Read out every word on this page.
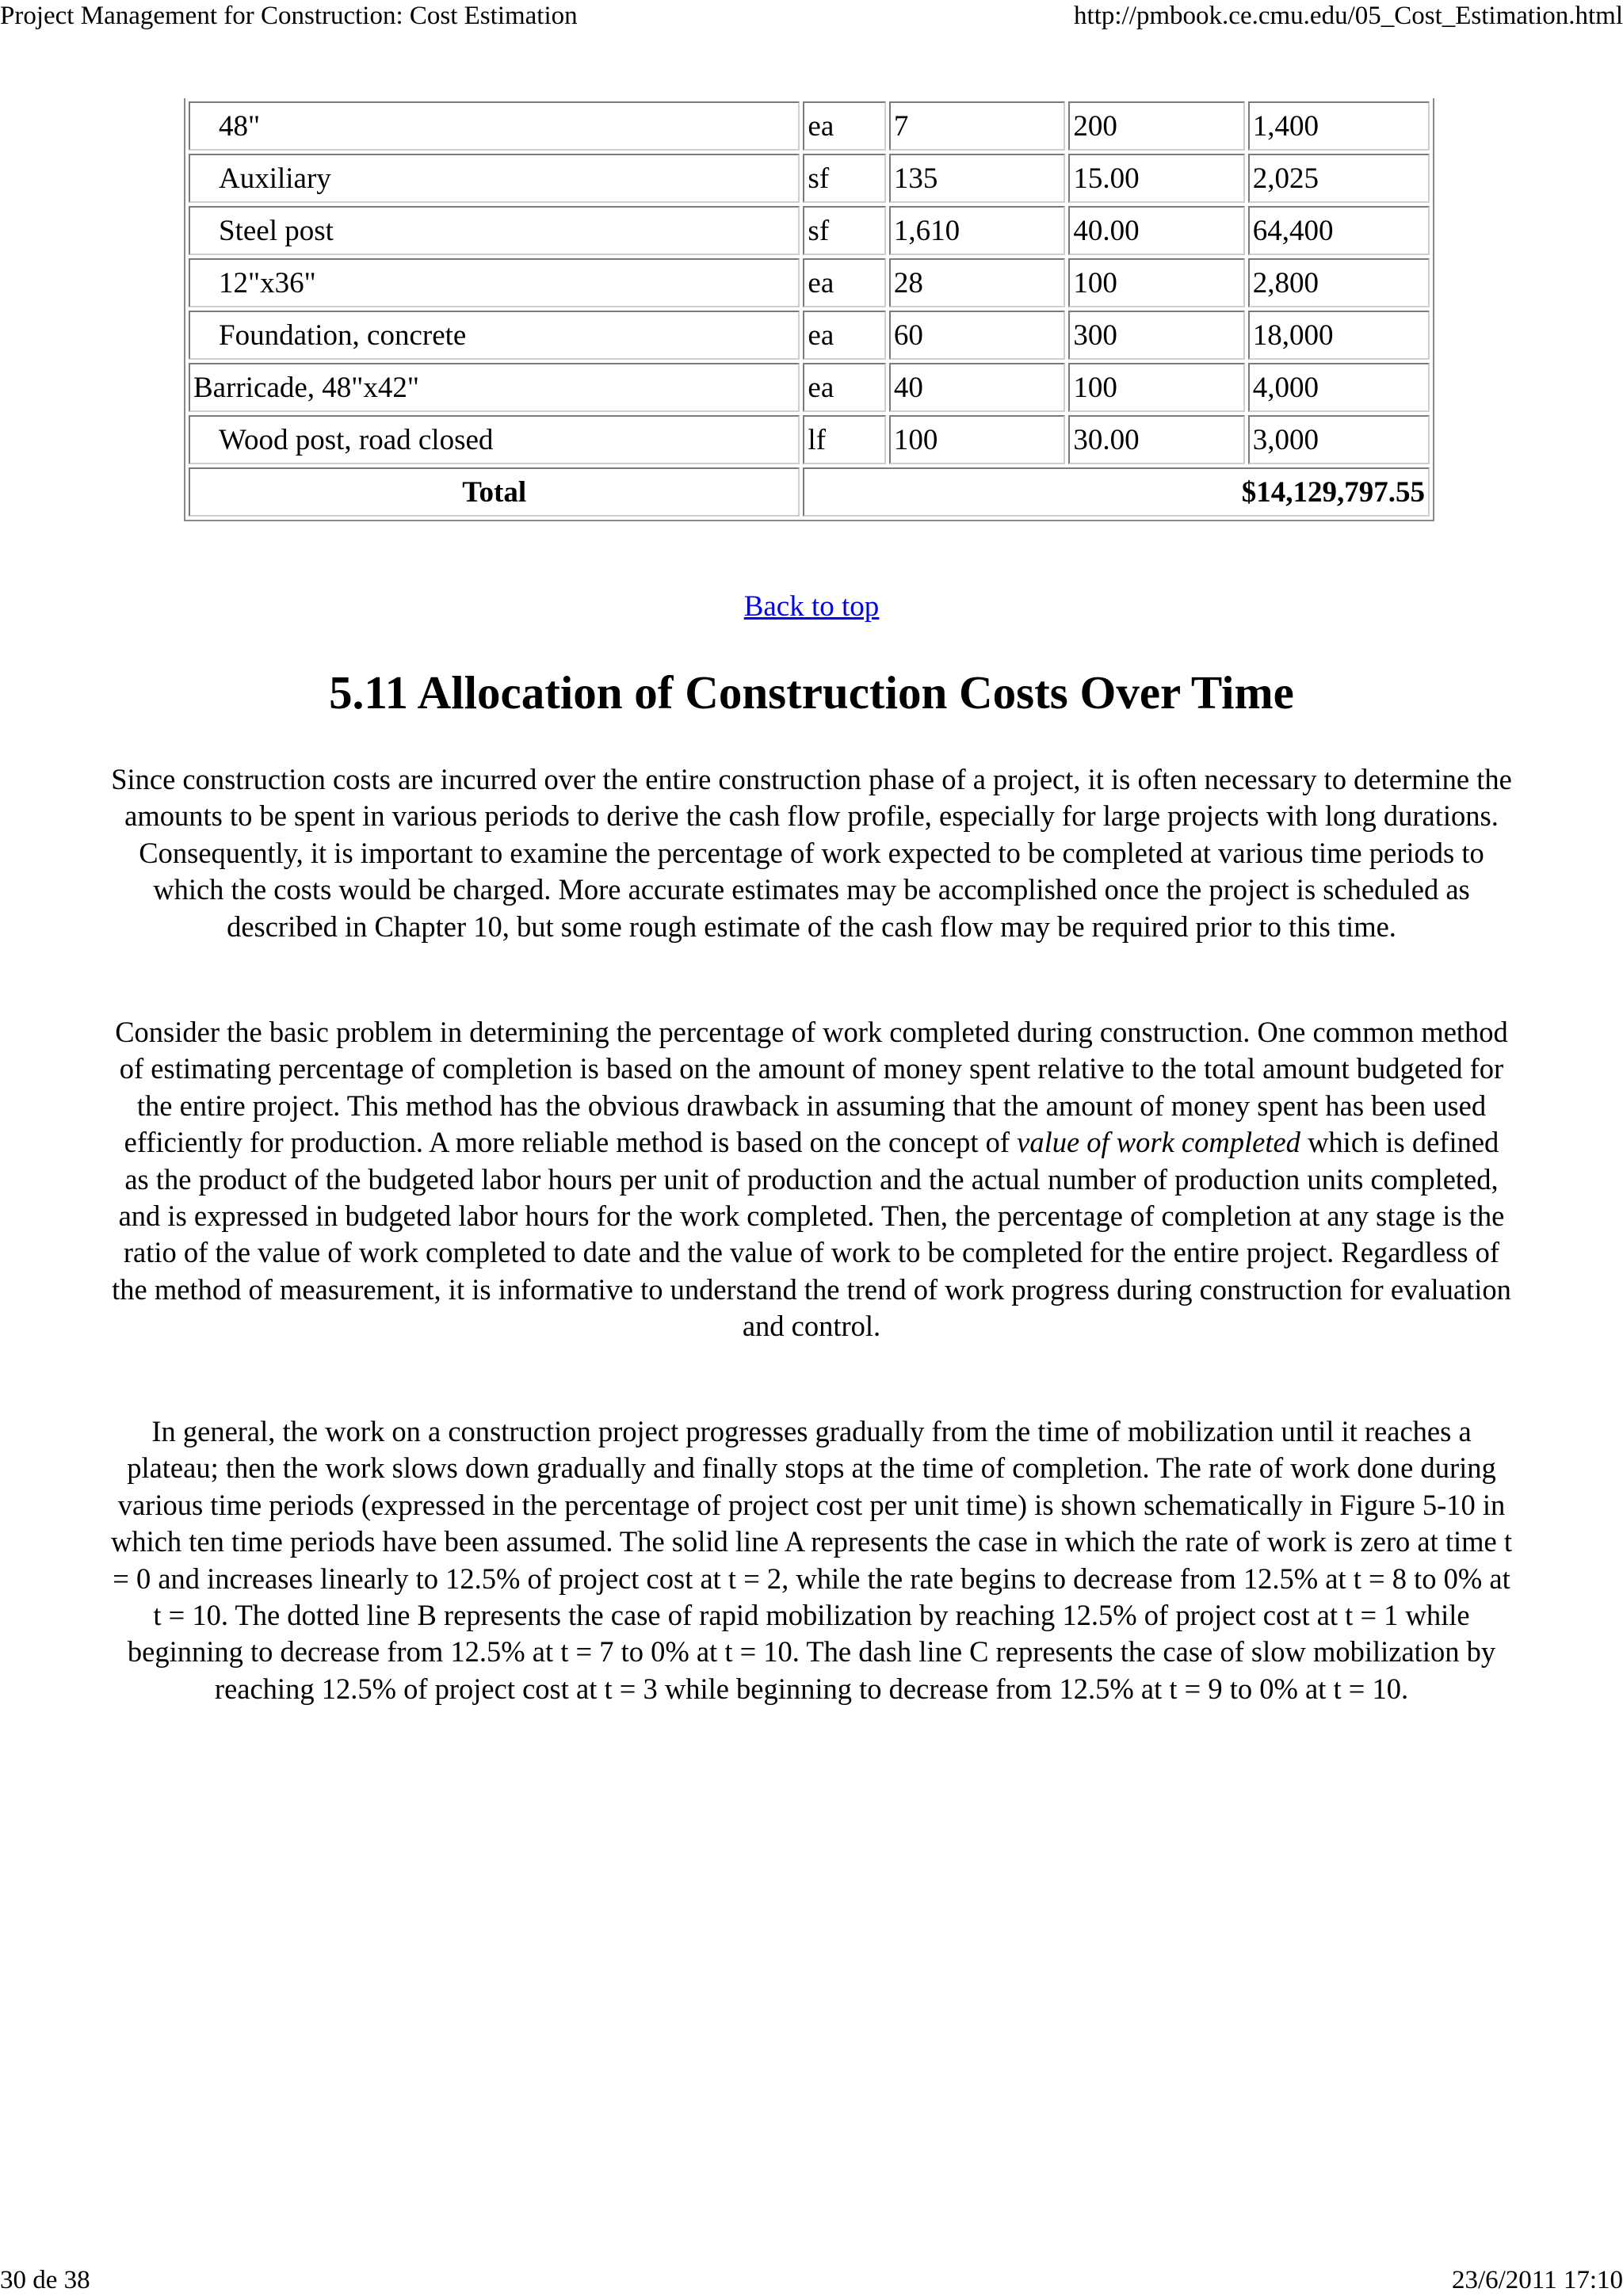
Project Management for Construction: Cost Estimation	http://pmbook.ce.cmu.edu/05_Cost_Estimation.html
48"	ea	7	200	1,400
Auxiliary	sf	135	15.00	2,025
Steel post	sf	1,610	40.00	64,400
12"x36"	ea	28	100	2,800
Foundation, concrete	ea	60	300	18,000
Barricade, 48"x42"	ea	40	100	4,000
Wood post, road closed	lf	100	30.00	3,000
Total	$14,129,797.55			
Back to top
5.11 Allocation of Construction Costs Over Time

Since construction costs are incurred over the entire construction phase of a project, it is often necessary to determine the amounts to be spent in various periods to derive the cash flow profile, especially for large projects with long durations. Consequently, it is important to examine the percentage of work expected to be completed at various time periods to which the costs would be charged. More accurate estimates may be accomplished once the project is scheduled as described in Chapter 10, but some rough estimate of the cash flow may be required prior to this time.

Consider the basic problem in determining the percentage of work completed during construction. One common method of estimating percentage of completion is based on the amount of money spent relative to the total amount budgeted for the entire project. This method has the obvious drawback in assuming that the amount of money spent has been used efficiently for production. A more reliable method is based on the concept of value of work completed which is defined as the product of the budgeted labor hours per unit of production and the actual number of production units completed, and is expressed in budgeted labor hours for the work completed. Then, the percentage of completion at any stage is the ratio of the value of work completed to date and the value of work to be completed for the entire project. Regardless of the method of measurement, it is informative to understand the trend of work progress during construction for evaluation and control.

In general, the work on a construction project progresses gradually from the time of mobilization until it reaches a plateau; then the work slows down gradually and finally stops at the time of completion. The rate of work done during various time periods (expressed in the percentage of project cost per unit time) is shown schematically in Figure 5-10 in which ten time periods have been assumed. The solid line A represents the case in which the rate of work is zero at time t = 0 and increases linearly to 12.5% of project cost at t = 2, while the rate begins to decrease from 12.5% at t = 8 to 0% at t = 10. The dotted line B represents the case of rapid mobilization by reaching 12.5% of project cost at t = 1 while beginning to decrease from 12.5% at t = 7 to 0% at t = 10. The dash line C represents the case of slow mobilization by reaching 12.5% of project cost at t = 3 while beginning to decrease from 12.5% at t = 9 to 0% at t = 10.

30 de 38	23/6/2011 17:10
